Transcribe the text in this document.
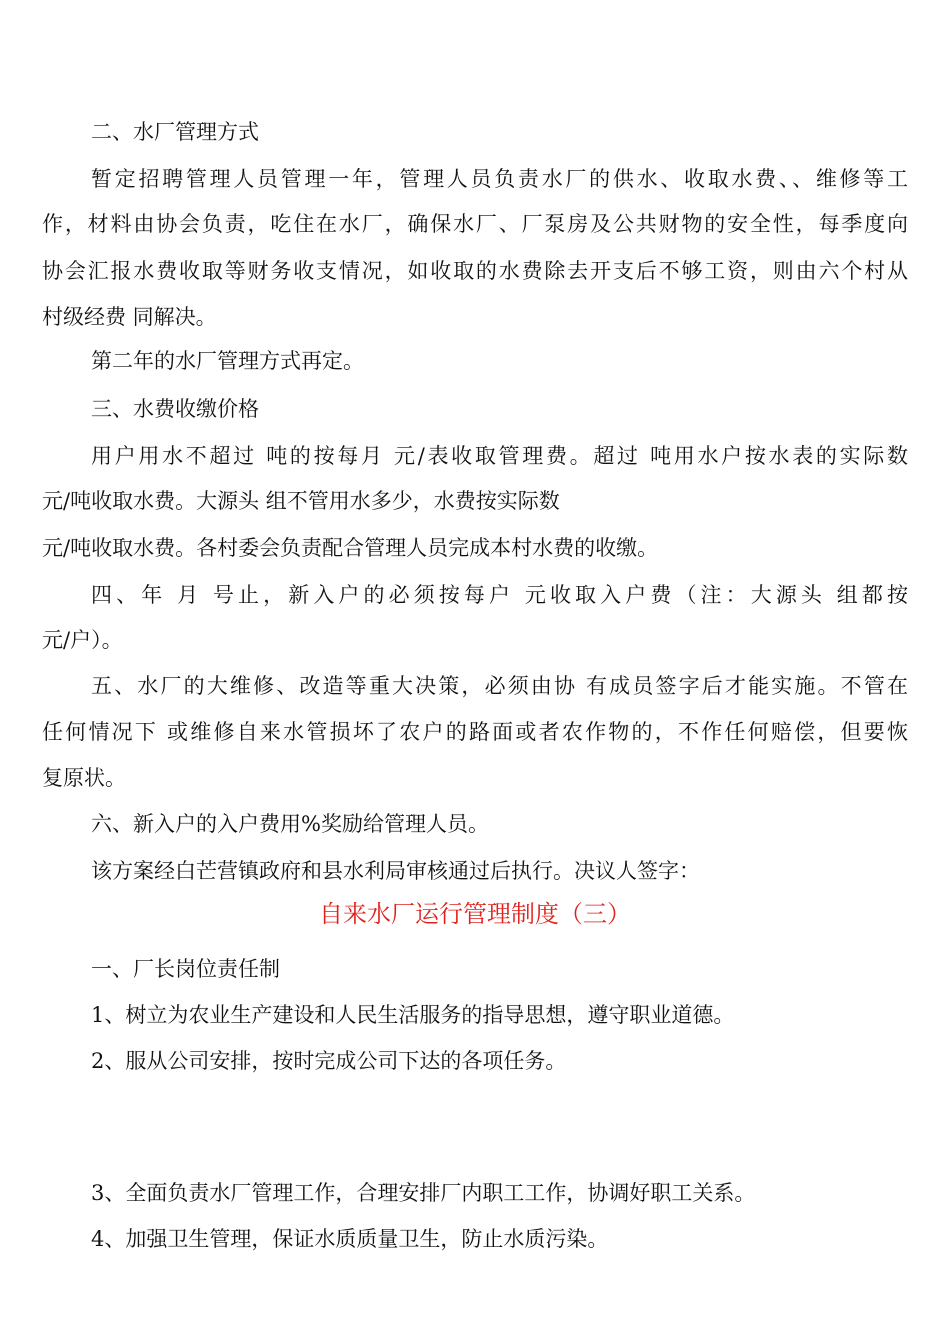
二、水厂管理方式
暂定招聘管理人员管理一年，管理人员负责水厂的供水、收取水费、、维修等工
作，材料由协会负责，吃住在水厂，确保水厂、厂泵房及公共财物的安全性，每季度向
协会汇报水费收取等财务收支情况，如收取的水费除去开支后不够工资，则由六个村从
村级经费 同解决。
第二年的水厂管理方式再定。
三、水费收缴价格
用户用水不超过 吨的按每月 元/表收取管理费。超过 吨用水户按水表的实际数
元/吨收取水费。大源头 组不管用水多少，水费按实际数
元/吨收取水费。各村委会负责配合管理人员完成本村水费的收缴。
四、年 月 号止，新入户的必须按每户 元收取入户费（注：大源头 组都按
元/户）。
五、水厂的大维修、改造等重大决策，必须由协 有成员签字后才能实施。不管在
任何情况下 或维修自来水管损坏了农户的路面或者农作物的，不作任何赔偿，但要恢
复原状。
六、新入户的入户费用%奖励给管理人员。
该方案经白芒营镇政府和县水利局审核通过后执行。决议人签字：
自来水厂运行管理制度（三）
一、厂长岗位责任制
1、树立为农业生产建设和人民生活服务的指导思想，遵守职业道德。
2、服从公司安排，按时完成公司下达的各项任务。
3、全面负责水厂管理工作，合理安排厂内职工工作，协调好职工关系。
4、加强卫生管理，保证水质质量卫生，防止水质污染。
